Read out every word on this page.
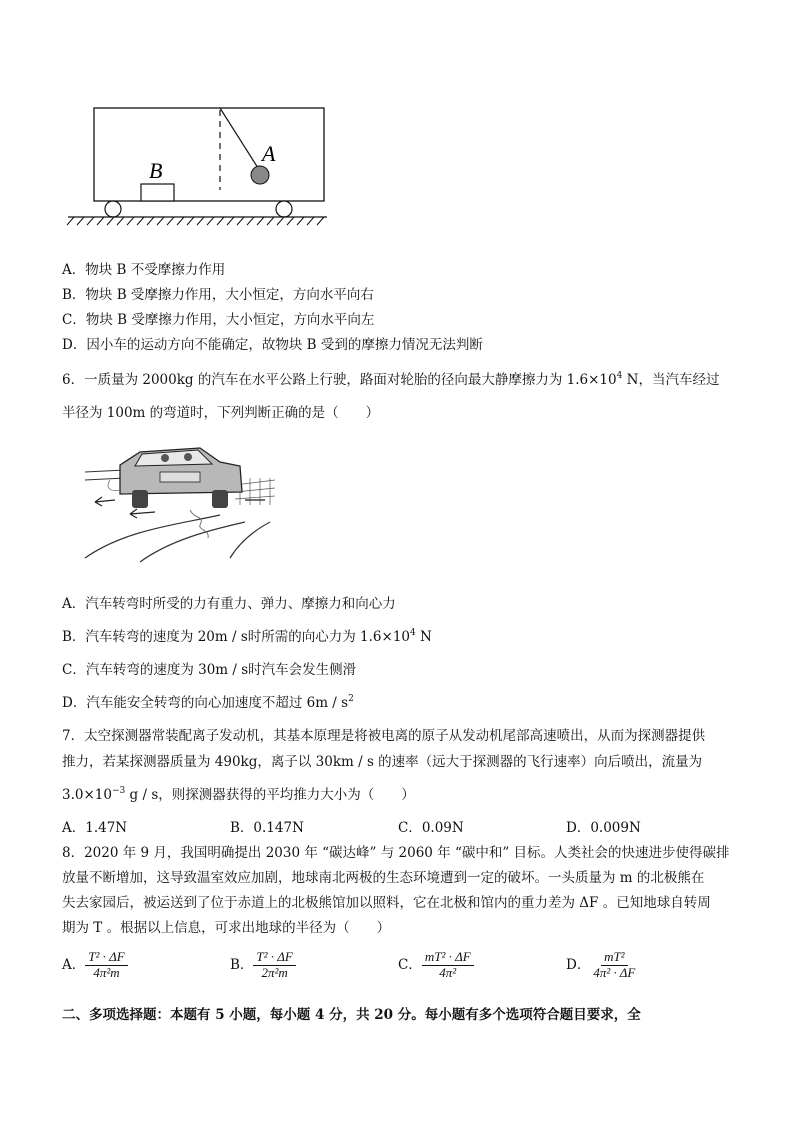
B
A
A．物块 B 不受摩擦力作用
B．物块 B 受摩擦力作用，大小恒定，方向水平向右
C．物块 B 受摩擦力作用，大小恒定，方向水平向左
D．因小车的运动方向不能确定，故物块 B 受到的摩擦力情况无法判断
6．一质量为 2000kg 的汽车在水平公路上行驶，路面对轮胎的径向最大静摩擦力为 $1.6\times 10^4$ N，当汽车经过
半径为 100m 的弯道时，下列判断正确的是（　　）
A．汽车转弯时所受的力有重力、弹力、摩擦力和向心力
B．汽车转弯的速度为 20m / s时所需的向心力为 $1.6\times 10^4$ N
C．汽车转弯的速度为 30m / s时汽车会发生侧滑
D．汽车能安全转弯的向心加速度不超过 $6m / s^2$
7．太空探测器常装配离子发动机，其基本原理是将被电离的原子从发动机尾部高速喷出，从而为探测器提供
推力，若某探测器质量为 490kg，离子以 30km / s 的速率（远大于探测器的飞行速率）向后喷出，流量为
$3.0\times 10^{-3}$ g / s，则探测器获得的平均推力大小为（　　）
A．1.47N	B．0.147N	C．0.09N	D．0.009N
8．2020 年 9 月，我国明确提出 2030 年 “碳达峰” 与 2060 年 “碳中和” 目标。人类社会的快速进步使得碳排
放量不断增加，这导致温室效应加剧，地球南北两极的生态环境遭到一定的破坏。一头质量为 m 的北极熊在
失去家园后，被运送到了位于赤道上的北极熊馆加以照料，它在北极和馆内的重力差为 ΔF 。已知地球自转周
期为 T 。根据以上信息，可求出地球的半径为（　　）
A． $\frac{\text{T² · ΔF}}{\text{4π²m}}$	B． $\frac{\text{T² · ΔF}}{\text{2π²m}}$	C． $\frac{\text{mT² · ΔF}}{\text{4π²}}$	D． $\frac{\text{mT²}}{\text{4π² · ΔF}}$
二、多项选择题：本题有 5 小题，每小题 4 分，共 20 分。每小题有多个选项符合题目要求，全
